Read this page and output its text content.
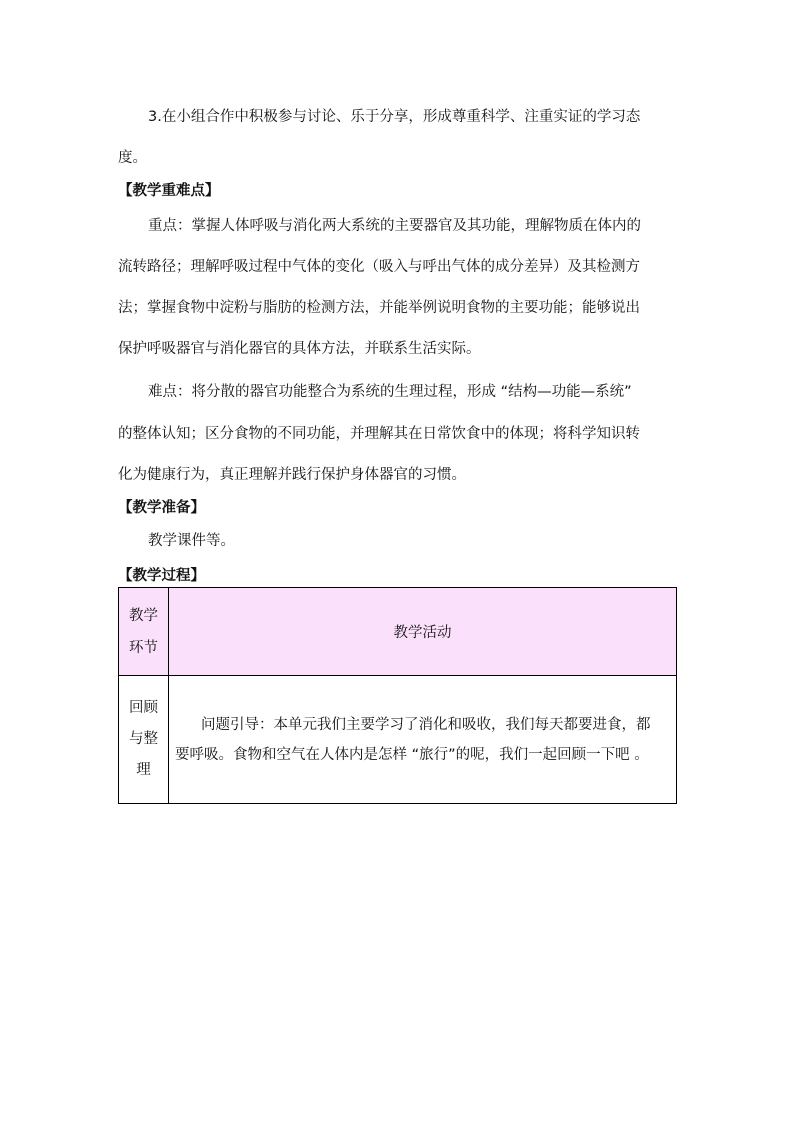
3.在小组合作中积极参与讨论、乐于分享，形成尊重科学、注重实证的学习态

度。

【教学重难点】

重点：掌握人体呼吸与消化两大系统的主要器官及其功能，理解物质在体内的

流转路径；理解呼吸过程中气体的变化（吸入与呼出气体的成分差异）及其检测方

法；掌握食物中淀粉与脂肪的检测方法，并能举例说明食物的主要功能；能够说出

保护呼吸器官与消化器官的具体方法，并联系生活实际。

难点：将分散的器官功能整合为系统的生理过程，形成 “结构—功能—系统”

的整体认知；区分食物的不同功能，并理解其在日常饮食中的体现；将科学知识转

化为健康行为，真正理解并践行保护身体器官的习惯。

【教学准备】

教学课件等。

【教学过程】

教学
环节	教学活动

回顾
与整
理	问题引导：本单元我们主要学习了消化和吸收，我们每天都要进食，都
要呼吸。食物和空气在人体内是怎样 “旅行”的呢，我们一起回顾一下吧 。
